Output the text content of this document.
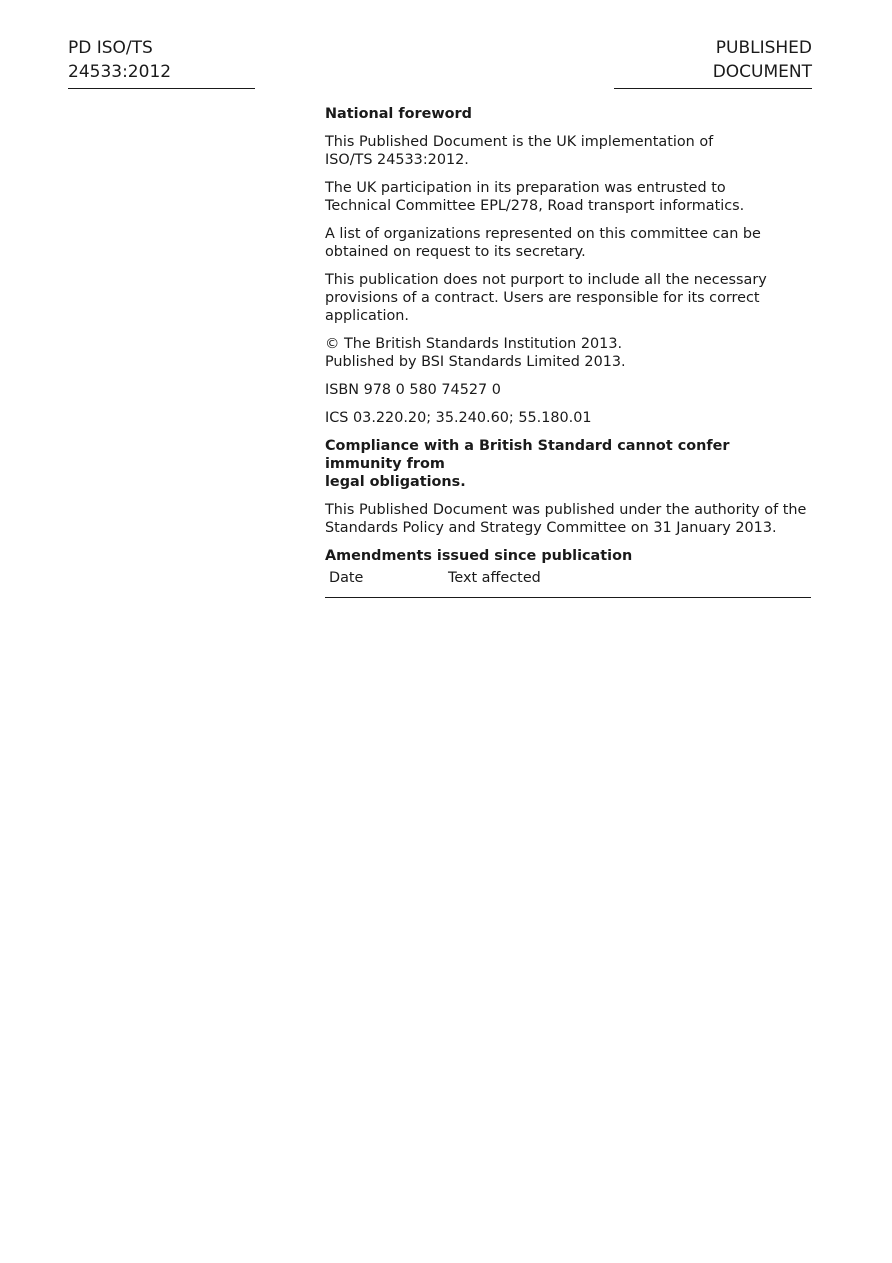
PD ISO/TS 24533:2012
PUBLISHED DOCUMENT

National foreword

This Published Document is the UK implementation of
ISO/TS 24533:2012.

The UK participation in its preparation was entrusted to
Technical Committee EPL/278, Road transport informatics.

A list of organizations represented on this committee can be
obtained on request to its secretary.

This publication does not purport to include all the necessary
provisions of a contract. Users are responsible for its correct
application.

© The British Standards Institution 2013.
Published by BSI Standards Limited 2013.

ISBN 978 0 580 74527 0

ICS 03.220.20; 35.240.60; 55.180.01

Compliance with a British Standard cannot confer immunity from
legal obligations.

This Published Document was published under the authority of the
Standards Policy and Strategy Committee on 31 January 2013.

Amendments issued since publication

Date	Text affected
